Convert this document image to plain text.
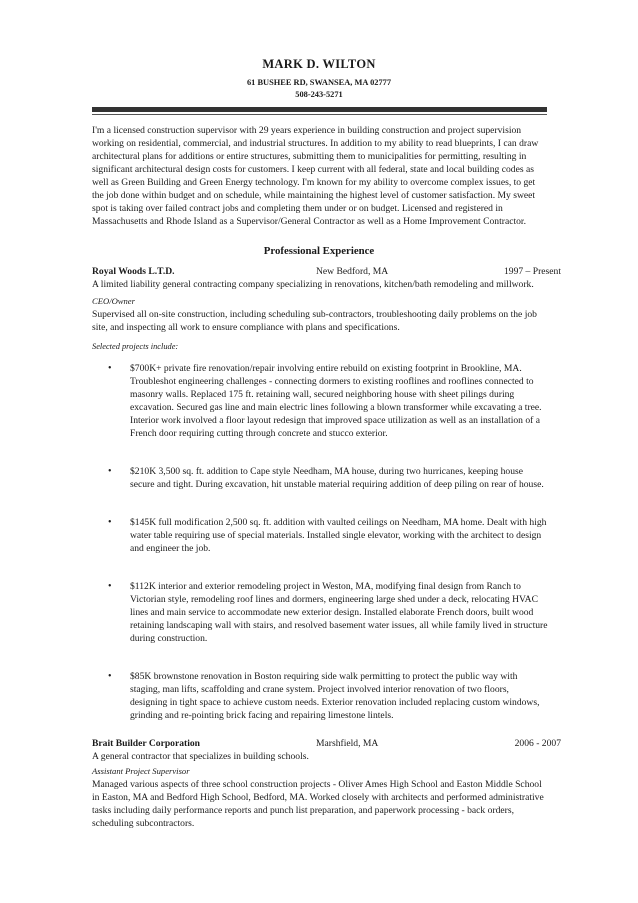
MARK D. WILTON
61 BUSHEE RD, SWANSEA, MA 02777
508-243-5271

I'm a licensed construction supervisor with 29 years experience in building construction and project supervision working on residential, commercial, and industrial structures. In addition to my ability to read blueprints, I can draw architectural plans for additions or entire structures, submitting them to municipalities for permitting, resulting in significant architectural design costs for customers. I keep current with all federal, state and local building codes as well as Green Building and Green Energy technology. I'm known for my ability to overcome complex issues, to get the job done within budget and on schedule, while maintaining the highest level of customer satisfaction. My sweet spot is taking over failed contract jobs and completing them under or on budget. Licensed and registered in Massachusetts and Rhode Island as a Supervisor/General Contractor as well as a Home Improvement Contractor.

Professional Experience
Royal Woods L.T.D.	New Bedford, MA	1997 – Present

A limited liability general contracting company specializing in renovations, kitchen/bath remodeling and millwork.

CEO/Owner

Supervised all on-site construction, including scheduling sub-contractors, troubleshooting daily problems on the job site, and inspecting all work to ensure compliance with plans and specifications.

Selected projects include:

• $700K+ private fire renovation/repair involving entire rebuild on existing footprint in Brookline, MA. Troubleshot engineering challenges - connecting dormers to existing rooflines and rooflines connected to masonry walls. Replaced 175 ft. retaining wall, secured neighboring house with sheet pilings during excavation. Secured gas line and main electric lines following a blown transformer while excavating a tree. Interior work involved a floor layout redesign that improved space utilization as well as an installation of a French door requiring cutting through concrete and stucco exterior.
• $210K 3,500 sq. ft. addition to Cape style Needham, MA house, during two hurricanes, keeping house secure and tight. During excavation, hit unstable material requiring addition of deep piling on rear of house.
• $145K full modification 2,500 sq. ft. addition with vaulted ceilings on Needham, MA home. Dealt with high water table requiring use of special materials. Installed single elevator, working with the architect to design and engineer the job.
• $112K interior and exterior remodeling project in Weston, MA, modifying final design from Ranch to Victorian style, remodeling roof lines and dormers, engineering large shed under a deck, relocating HVAC lines and main service to accommodate new exterior design. Installed elaborate French doors, built wood retaining landscaping wall with stairs, and resolved basement water issues, all while family lived in structure during construction.
• $85K brownstone renovation in Boston requiring side walk permitting to protect the public way with staging, man lifts, scaffolding and crane system. Project involved interior renovation of two floors, designing in tight space to achieve custom needs. Exterior renovation included replacing custom windows, grinding and re-pointing brick facing and repairing limestone lintels.
Brait Builder Corporation	Marshfield, MA	2006 - 2007

A general contractor that specializes in building schools.

Assistant Project Supervisor

Managed various aspects of three school construction projects - Oliver Ames High School and Easton Middle School in Easton, MA and Bedford High School, Bedford, MA. Worked closely with architects and performed administrative tasks including daily performance reports and punch list preparation, and paperwork processing - back orders, scheduling subcontractors.
